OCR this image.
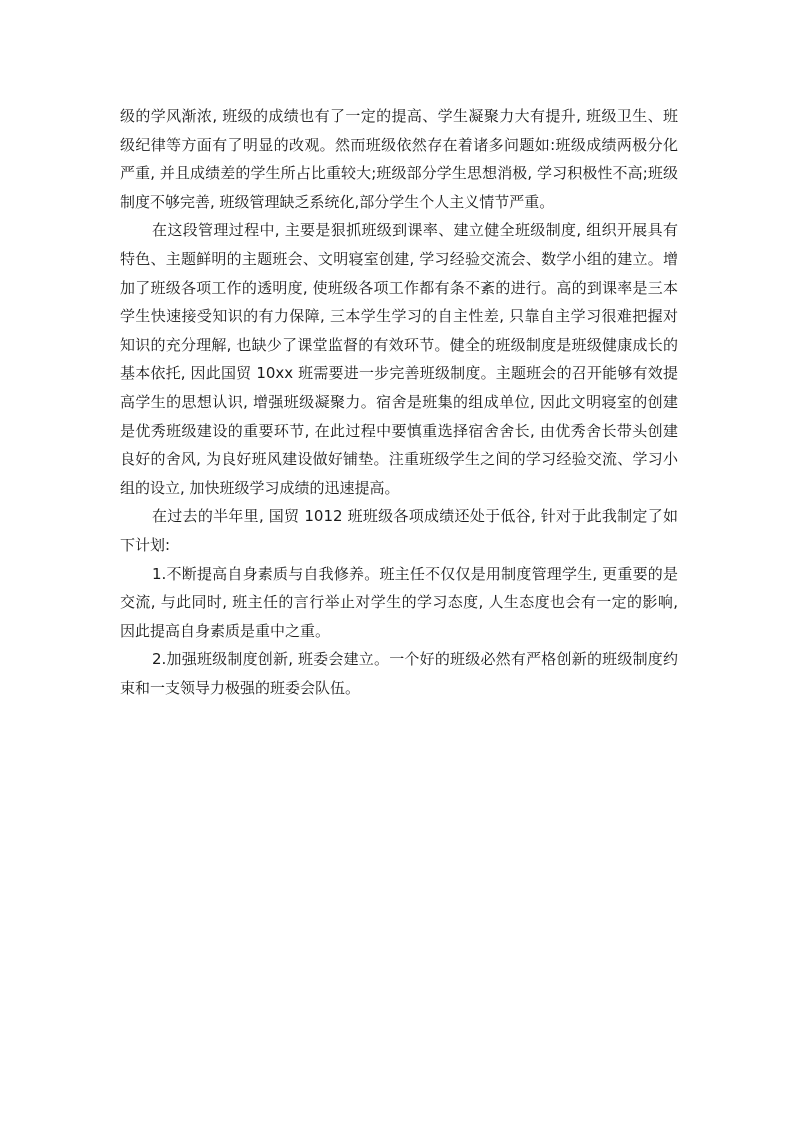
级的学风渐浓, 班级的成绩也有了一定的提高、学生凝聚力大有提升, 班级卫生、班级纪律等方面有了明显的改观。然而班级依然存在着诸多问题如:班级成绩两极分化严重, 并且成绩差的学生所占比重较大;班级部分学生思想消极, 学习积极性不高;班级制度不够完善, 班级管理缺乏系统化,部分学生个人主义情节严重。

在这段管理过程中, 主要是狠抓班级到课率、建立健全班级制度, 组织开展具有特色、主题鲜明的主题班会、文明寝室创建, 学习经验交流会、数学小组的建立。增加了班级各项工作的透明度, 使班级各项工作都有条不紊的进行。高的到课率是三本学生快速接受知识的有力保障, 三本学生学习的自主性差, 只靠自主学习很难把握对知识的充分理解, 也缺少了课堂监督的有效环节。健全的班级制度是班级健康成长的基本依托, 因此国贸 10xx 班需要进一步完善班级制度。主题班会的召开能够有效提高学生的思想认识, 增强班级凝聚力。宿舍是班集的组成单位, 因此文明寝室的创建是优秀班级建设的重要环节, 在此过程中要慎重选择宿舍舍长, 由优秀舍长带头创建良好的舍风, 为良好班风建设做好铺垫。注重班级学生之间的学习经验交流、学习小组的设立, 加快班级学习成绩的迅速提高。

在过去的半年里, 国贸 1012 班班级各项成绩还处于低谷, 针对于此我制定了如下计划:

1.不断提高自身素质与自我修养。班主任不仅仅是用制度管理学生, 更重要的是交流, 与此同时, 班主任的言行举止对学生的学习态度, 人生态度也会有一定的影响, 因此提高自身素质是重中之重。

2.加强班级制度创新, 班委会建立。一个好的班级必然有严格创新的班级制度约束和一支领导力极强的班委会队伍。
